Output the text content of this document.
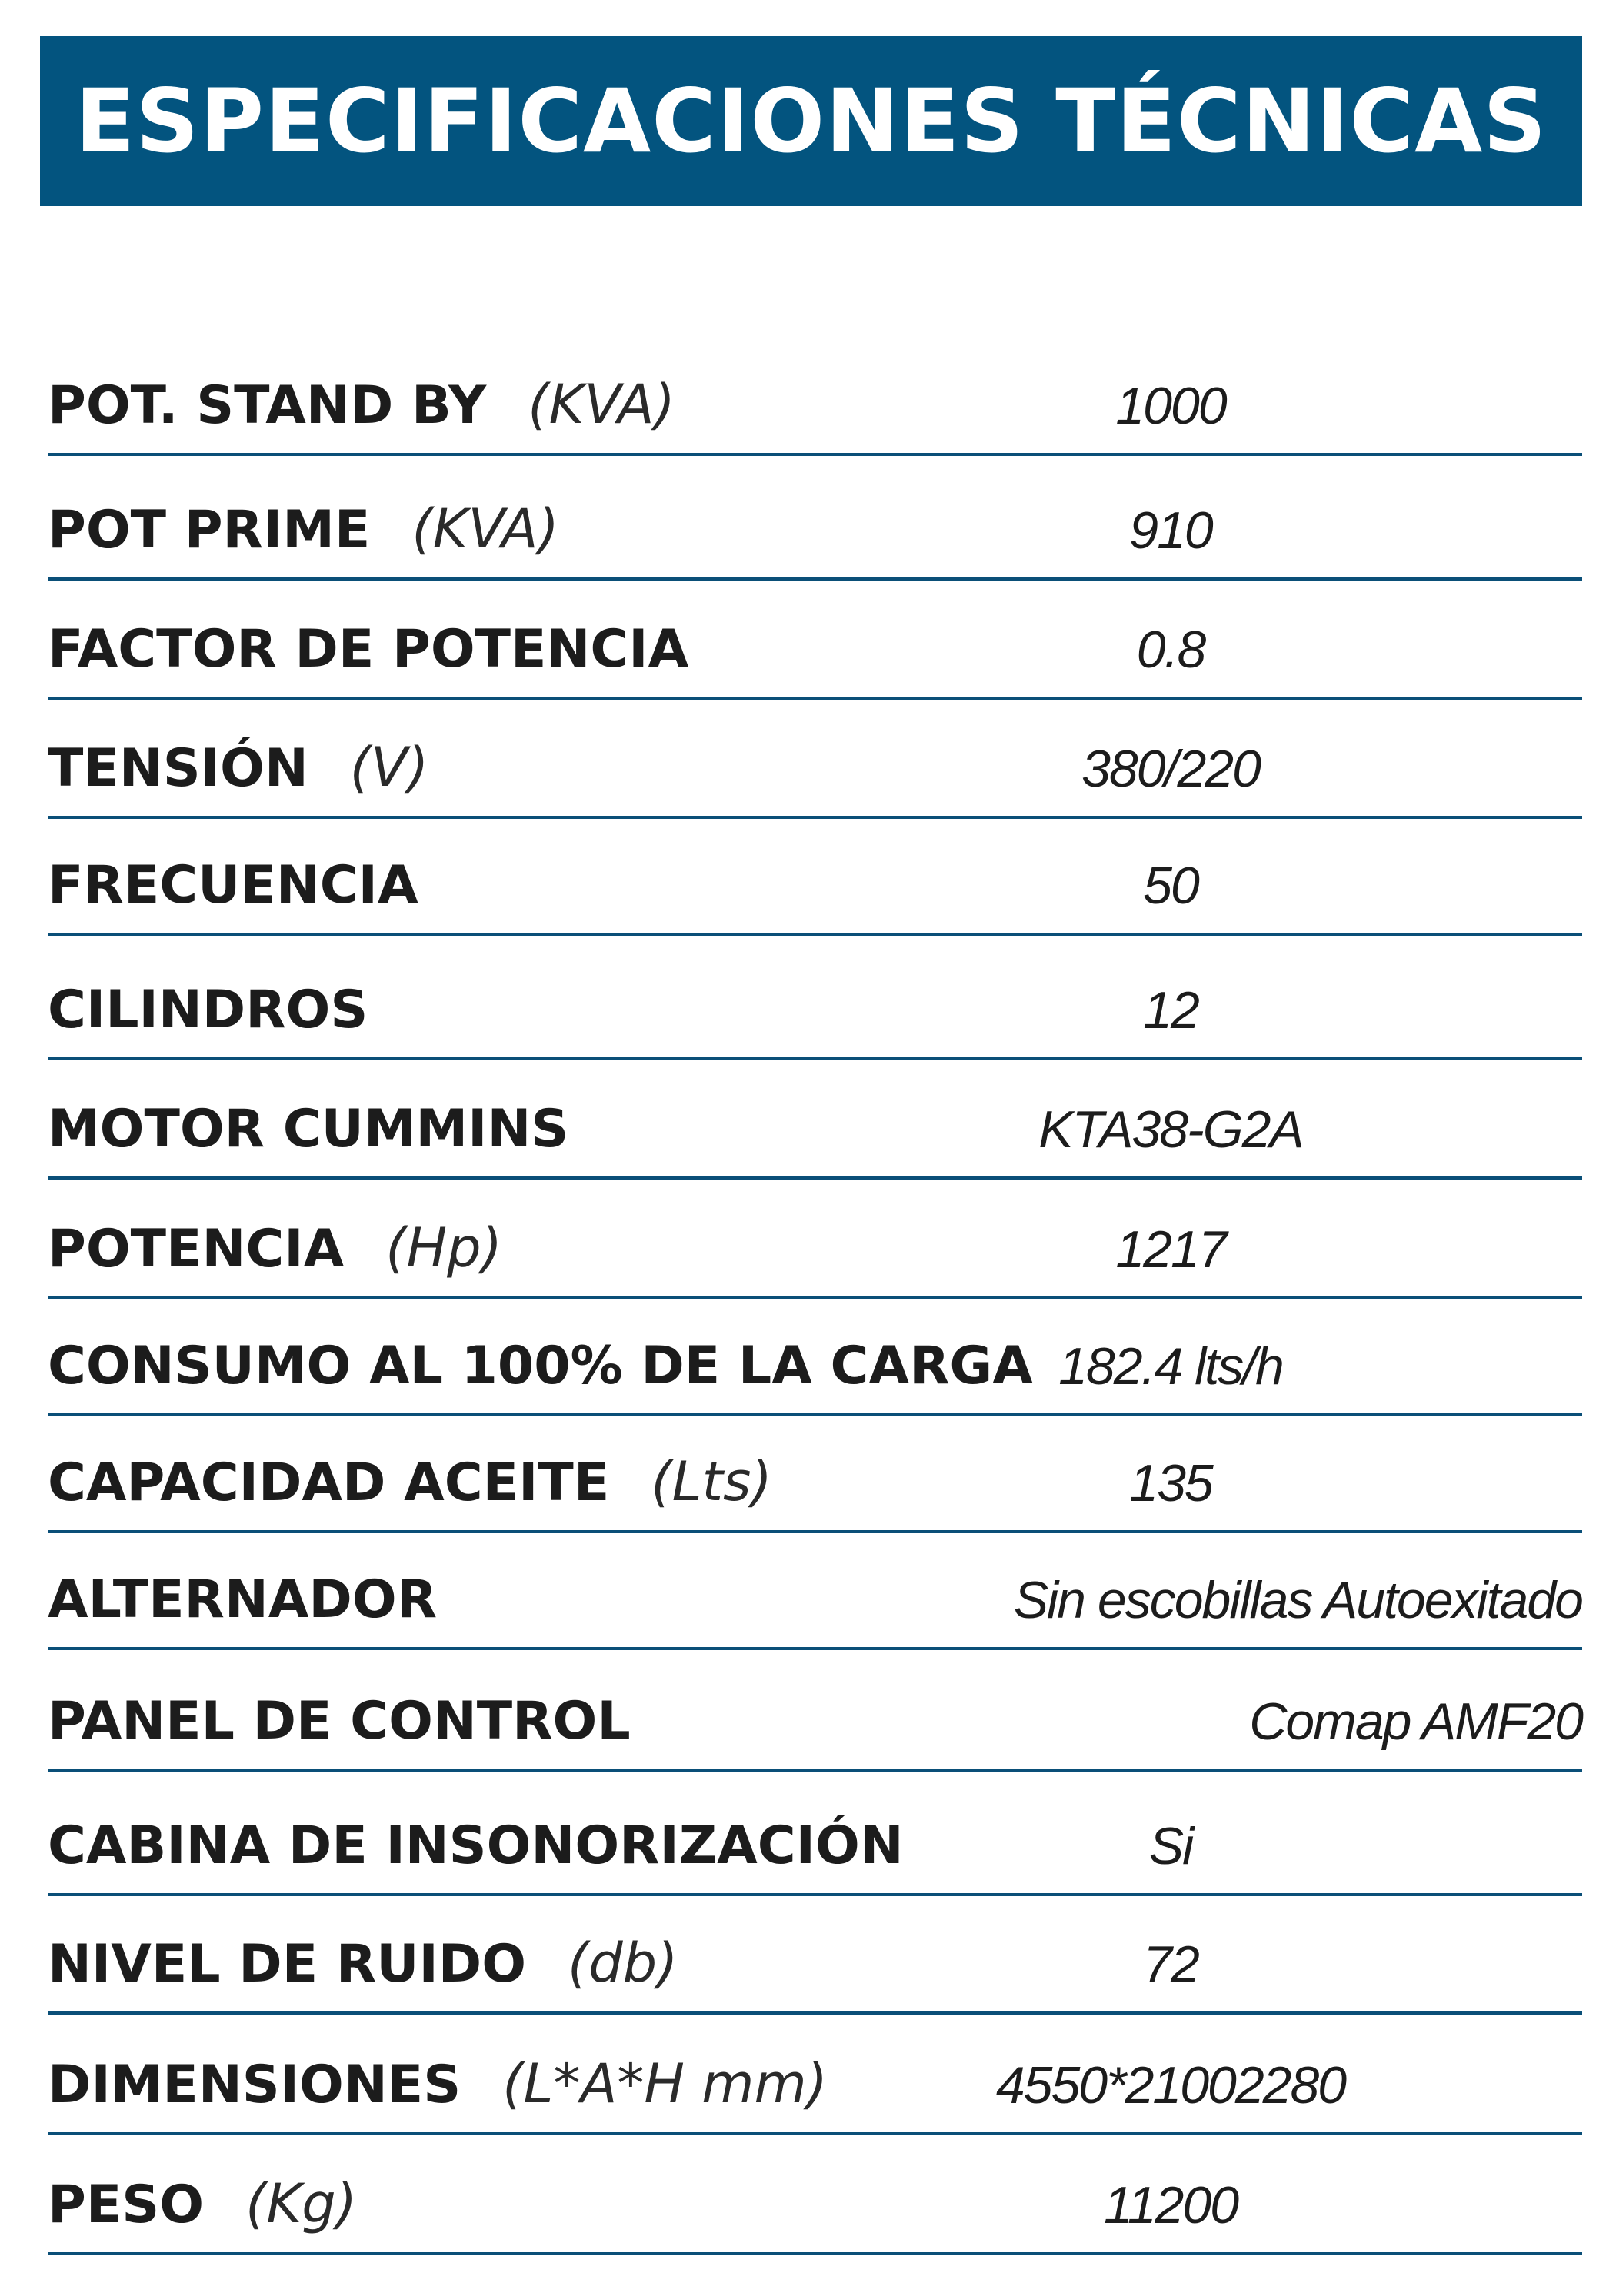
ESPECIFICACIONES TÉCNICAS
POT. STAND BY (KVA)	1000
POT PRIME (KVA)	910
FACTOR DE POTENCIA	0.8
TENSIÓN (V)	380/220
FRECUENCIA	50
CILINDROS	12
MOTOR CUMMINS	KTA38-G2A
POTENCIA (Hp)	1217
CONSUMO AL 100% DE LA CARGA 182.4 lts/h
CAPACIDAD ACEITE (Lts)	135
ALTERNADOR	Sin escobillas Autoexitado
PANEL DE CONTROL	Comap AMF20
CABINA DE INSONORIZACIÓN	Si
NIVEL DE RUIDO (db)	72
DIMENSIONES (L*A*H mm)	4550*21002280
PESO (Kg)	11200
